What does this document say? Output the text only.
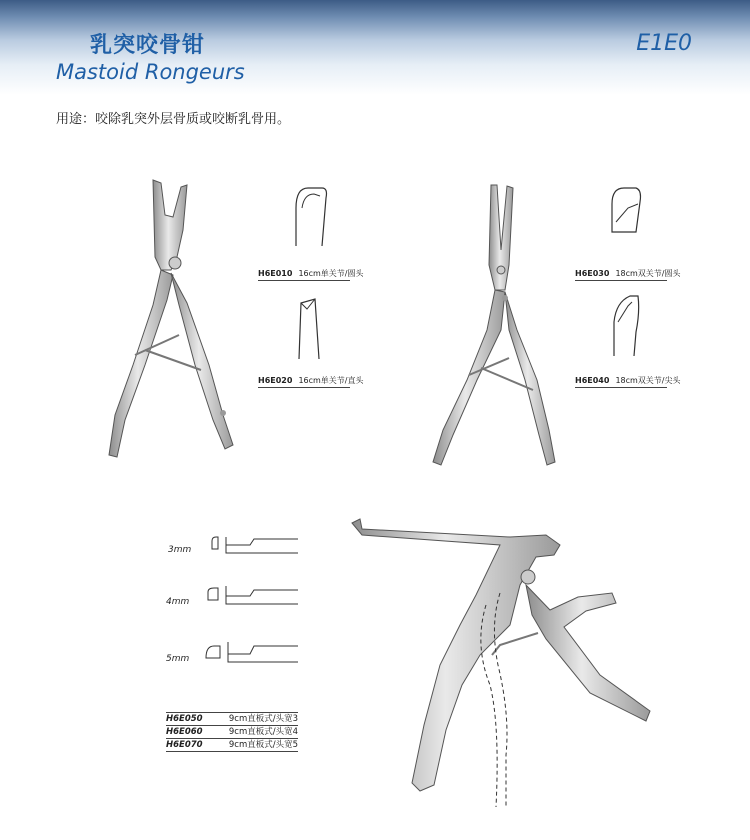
乳突咬骨钳
Mastoid Rongeurs
E1E0
用途：咬除乳突外层骨质或咬断乳骨用。
H6E010 16cm单关节/圆头
H6E020 16cm单关节/直头
H6E030 18cm双关节/圆头
H6E040 18cm双关节/尖头
3mm
4mm
5mm
H6E050	9cm直板式/头宽3
H6E060	9cm直板式/头宽4
H6E070	9cm直板式/头宽5
